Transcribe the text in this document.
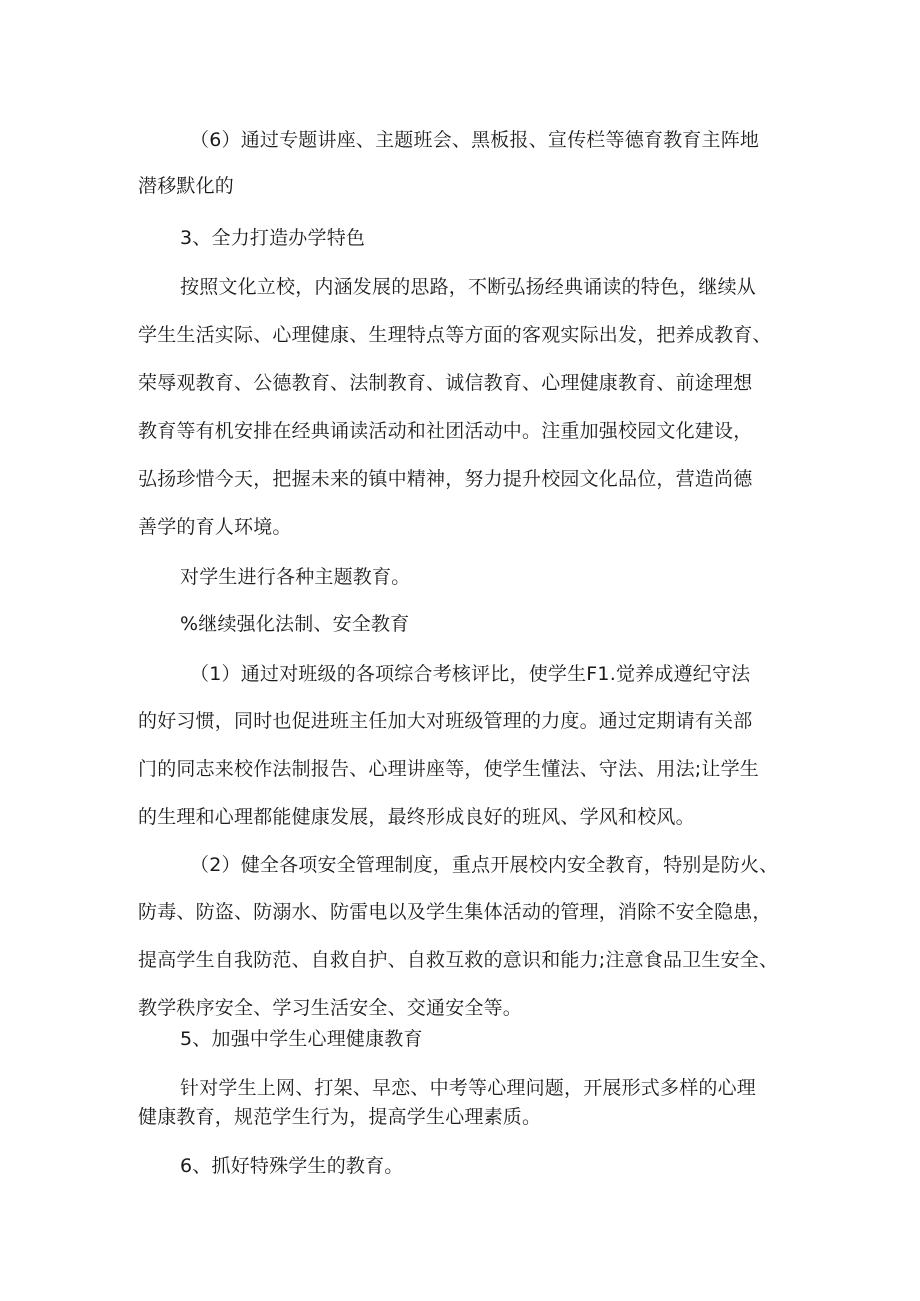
（6）通过专题讲座、主题班会、黑板报、宣传栏等德育教育主阵地
潜移默化的
3、全力打造办学特色
按照文化立校，内涵发展的思路，不断弘扬经典诵读的特色，继续从
学生生活实际、心理健康、生理特点等方面的客观实际出发，把养成教育、
荣辱观教育、公德教育、法制教育、诚信教育、心理健康教育、前途理想
教育等有机安排在经典诵读活动和社团活动中。注重加强校园文化建设，
弘扬珍惜今天，把握未来的镇中精神，努力提升校园文化品位，营造尚德
善学的育人环境。
对学生进行各种主题教育。
%继续强化法制、安全教育
（1）通过对班级的各项综合考核评比，使学生F1.觉养成遵纪守法
的好习惯，同时也促进班主任加大对班级管理的力度。通过定期请有关部
门的同志来校作法制报告、心理讲座等，使学生懂法、守法、用法;让学生
的生理和心理都能健康发展，最终形成良好的班风、学风和校风。
（2）健全各项安全管理制度，重点开展校内安全教育，特别是防火、
防毒、防盗、防溺水、防雷电以及学生集体活动的管理，消除不安全隐患，
提高学生自我防范、自救自护、自救互救的意识和能力;注意食品卫生安全、
教学秩序安全、学习生活安全、交通安全等。
5、加强中学生心理健康教育
针对学生上网、打架、早恋、中考等心理问题，开展形式多样的心理
健康教育，规范学生行为，提高学生心理素质。
6、抓好特殊学生的教育。
